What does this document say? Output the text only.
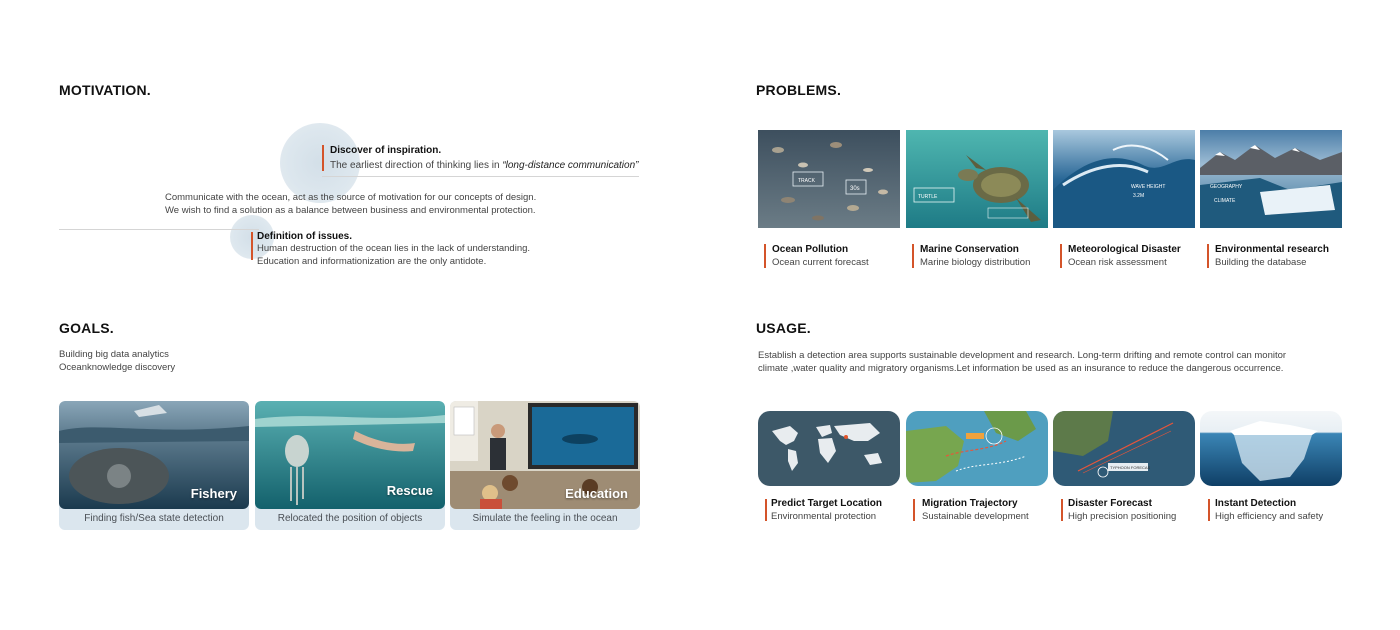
MOTIVATION.
Discover of inspiration.
The earliest direction of thinking lies in “long-distance communication”
Communicate with the ocean, act as the source of motivation for our concepts of design.
We wish to find a solution as a balance between business and environmental protection.
Definition of issues.
Human destruction of the ocean lies in the lack of understanding.
Education and informationization are the only antidote.
PROBLEMS.
TRACK
30s
Ocean Pollution
Ocean current forecast
TURTLE
Marine Conservation
Marine biology distribution
WAVE HEIGHT
3.2M
Meteorological Disaster
Ocean risk assessment
GEOGRAPHY
CLIMATE
Environmental research
Building the database
GOALS.
Building big data analytics
Oceanknowledge discovery
Fishery
Finding fish/Sea state detection
Rescue
Relocated the position of objects
Education
Simulate the feeling in the ocean
USAGE.
Establish a detection area supports sustainable development and research. Long-term drifting and remote control can monitor
climate ,water quality and migratory organisms.Let information be used as an insurance to reduce the dangerous occurrence.
Predict Target Location
Environmental protection
Migration Trajectory
Sustainable development
TYPHOON FORECAS
Disaster Forecast
High precision positioning
Instant Detection
High efficiency and safety
